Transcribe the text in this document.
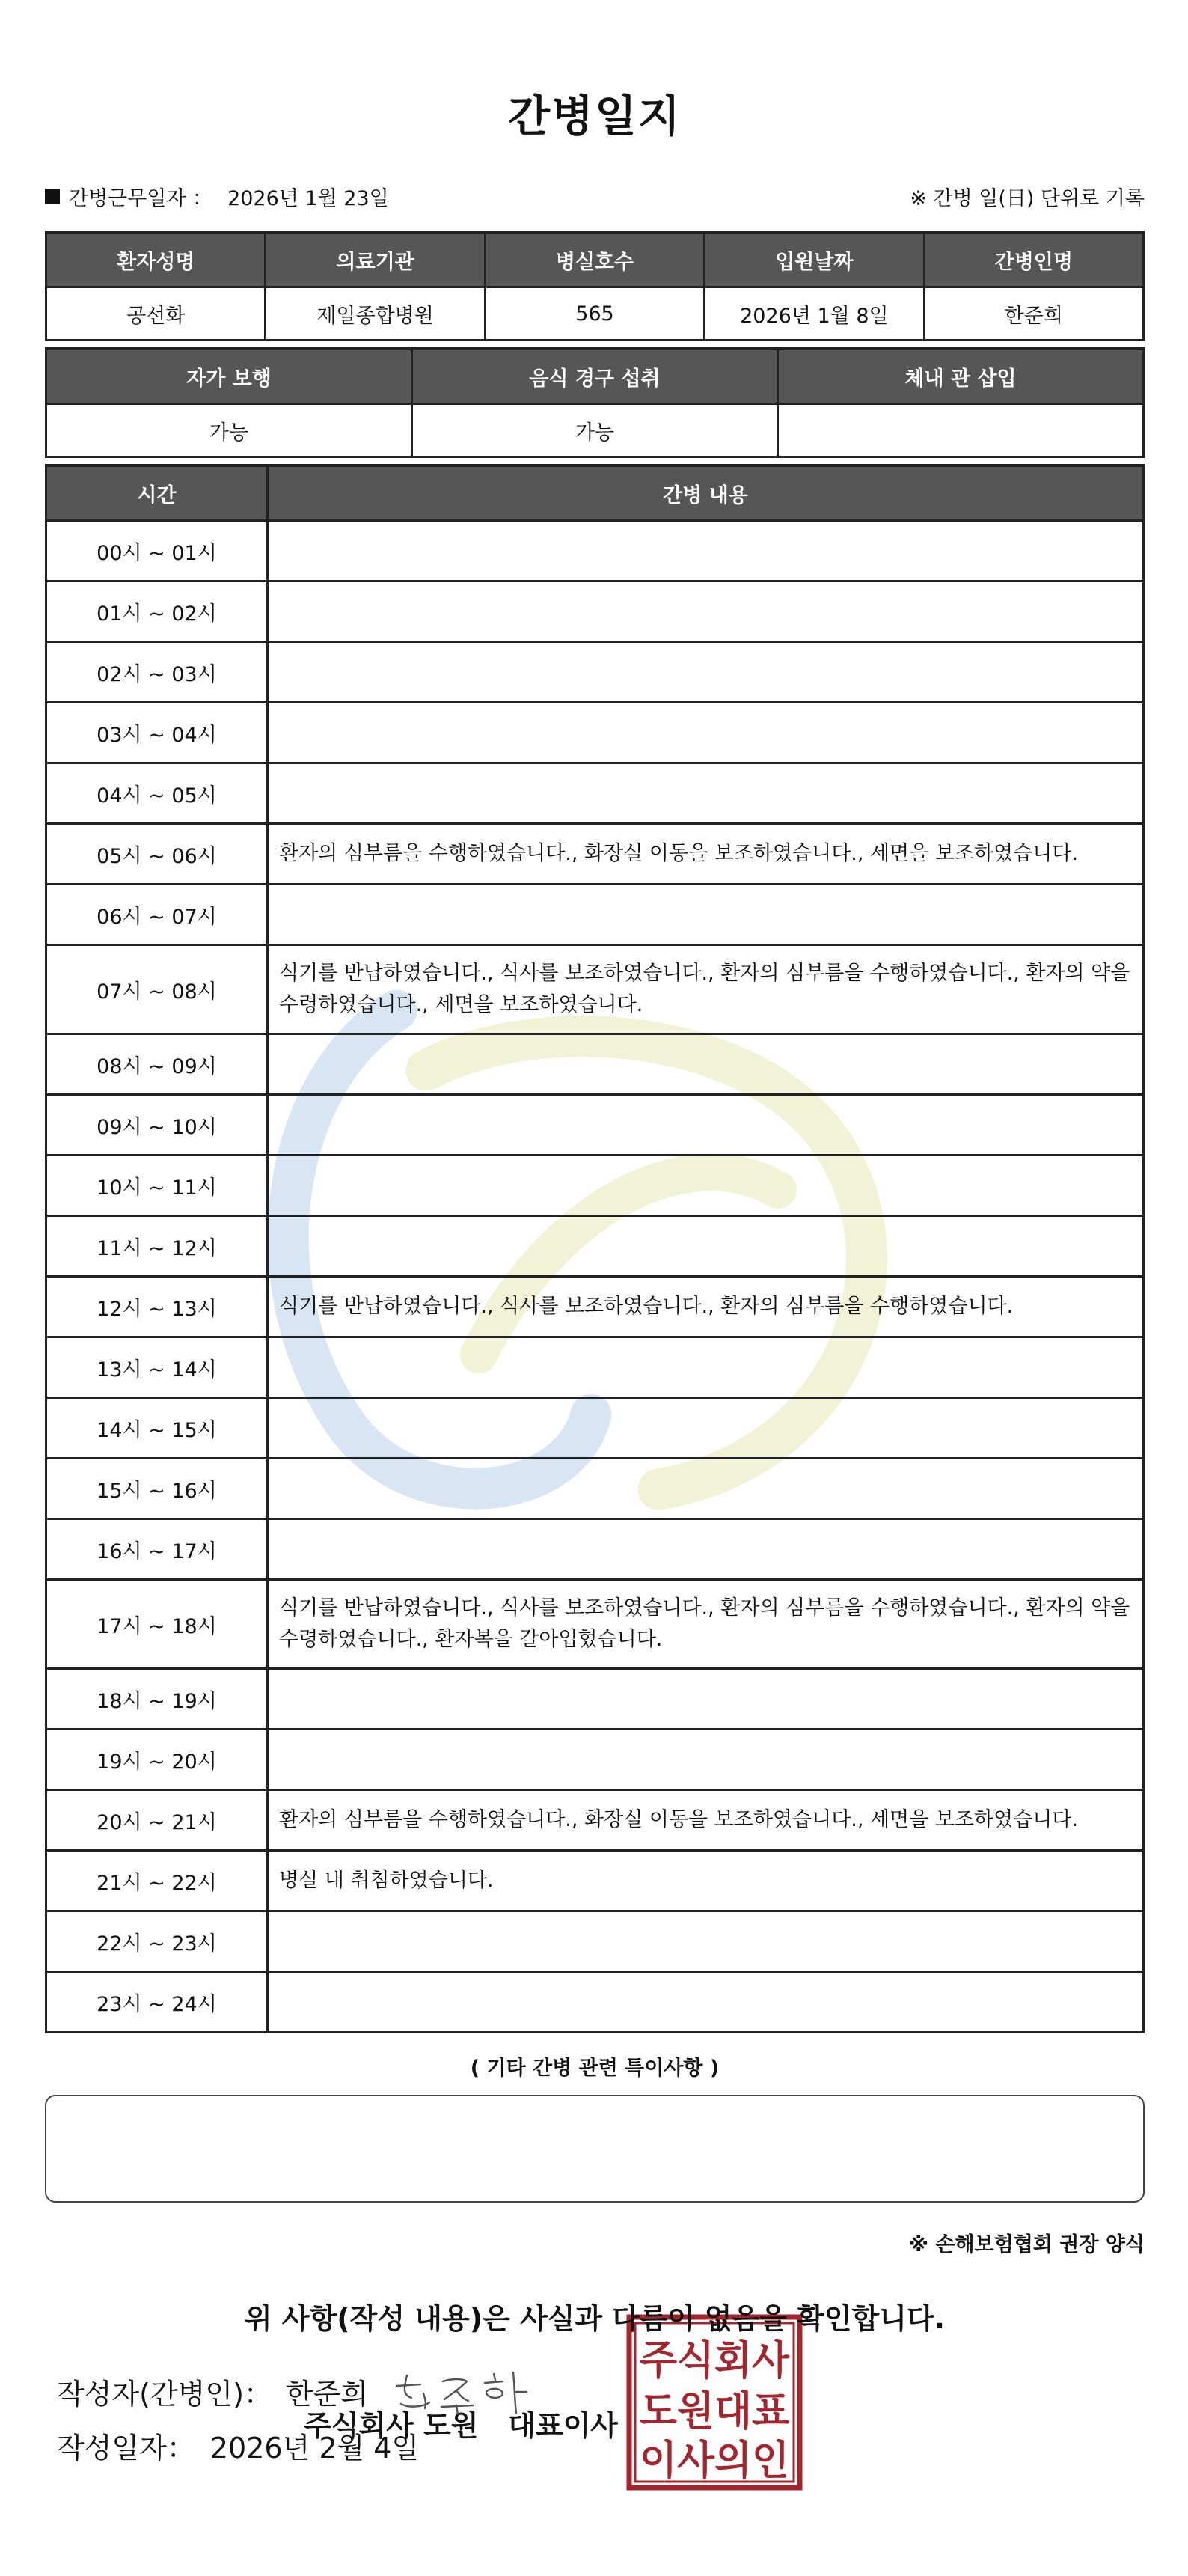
간병일지
간병근무일자 ： 2026년 1월 23일	※ 간병 일(日) 단위로 기록
환자성명	의료기관	병실호수	입원날짜	간병인명
공선화	제일종합병원	565	2026년 1월 8일	한준희
자가 보행	음식 경구 섭취	체내 관 삽입
가능	가능	
시간	간병 내용
00시 ~ 01시	
01시 ~ 02시	
02시 ~ 03시	
03시 ~ 04시	
04시 ~ 05시	
05시 ~ 06시	환자의 심부름을 수행하였습니다., 화장실 이동을 보조하였습니다., 세면을 보조하였습니다.
06시 ~ 07시	
07시 ~ 08시	식기를 반납하였습니다., 식사를 보조하였습니다., 환자의 심부름을 수행하였습니다., 환자의 약을 수령하였습니다., 세면을 보조하였습니다.
08시 ~ 09시	
09시 ~ 10시	
10시 ~ 11시	
11시 ~ 12시	
12시 ~ 13시	식기를 반납하였습니다., 식사를 보조하였습니다., 환자의 심부름을 수행하였습니다.
13시 ~ 14시	
14시 ~ 15시	
15시 ~ 16시	
16시 ~ 17시	
17시 ~ 18시	식기를 반납하였습니다., 식사를 보조하였습니다., 환자의 심부름을 수행하였습니다., 환자의 약을 수령하였습니다., 환자복을 갈아입혔습니다.
18시 ~ 19시	
19시 ~ 20시	
20시 ~ 21시	환자의 심부름을 수행하였습니다., 화장실 이동을 보조하였습니다., 세면을 보조하였습니다.
21시 ~ 22시	병실 내 취침하였습니다.
22시 ~ 23시	
23시 ~ 24시	
( 기타 간병 관련 특이사항 )
※ 손해보험협회 권장 양식
위 사항(작성 내용)은 사실과 다름이 없음을 확인합니다.
작성자(간병인)： 한준희
작성일자： 2026년 2월 4일
주식회사 도원   대표이사
주식회사
도원대표
이사의인
